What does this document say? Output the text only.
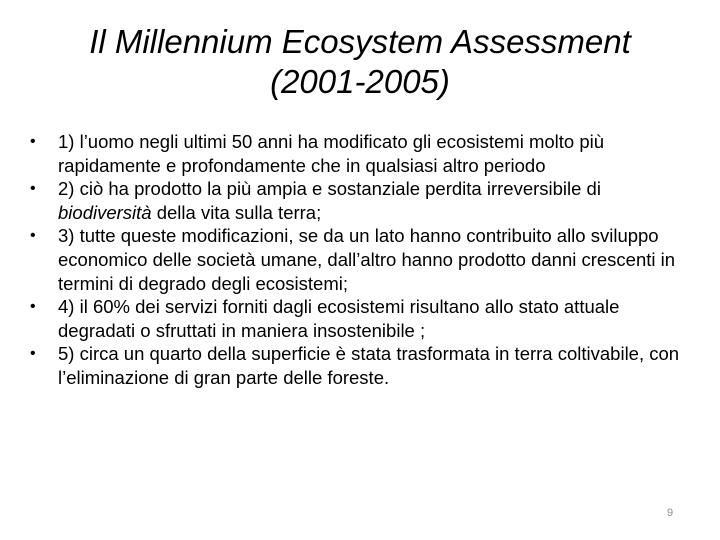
Il Millennium Ecosystem Assessment
(2001-2005)
• 1) l’uomo negli ultimi 50 anni ha modificato gli ecosistemi molto più rapidamente e profondamente che in qualsiasi altro periodo
• 2) ciò ha prodotto la più ampia e sostanziale perdita irreversibile di biodiversità della vita sulla terra;
• 3) tutte queste modificazioni, se da un lato hanno contribuito allo sviluppo economico delle società umane, dall’altro hanno prodotto danni crescenti in termini di degrado degli ecosistemi;
• 4) il 60% dei servizi forniti dagli ecosistemi risultano allo stato attuale degradati o sfruttati in maniera insostenibile ;
• 5) circa un quarto della superficie è stata trasformata in terra coltivabile, con l’eliminazione di gran parte delle foreste.
9
